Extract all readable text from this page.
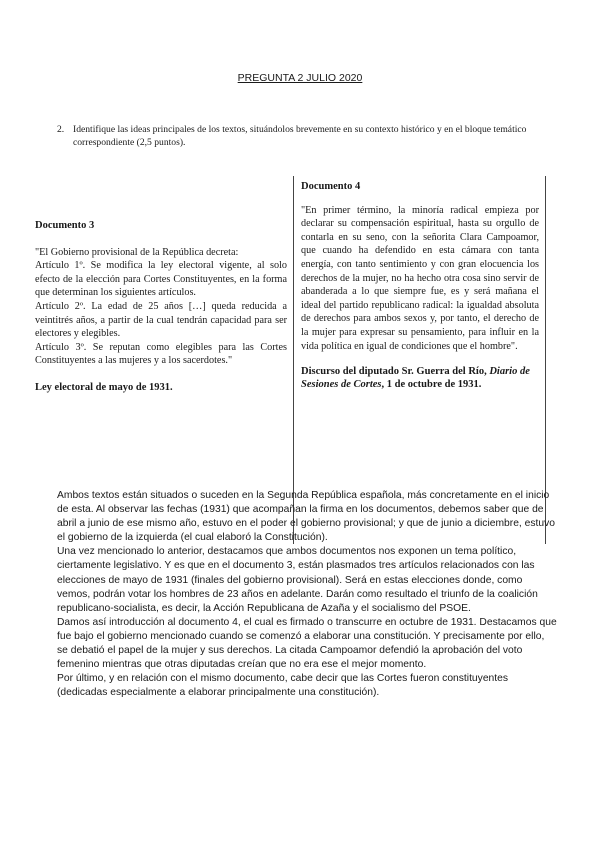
PREGUNTA 2 JULIO 2020
2. Identifique las ideas principales de los textos, situándolos brevemente en su contexto histórico y en el bloque temático correspondiente (2,5 puntos).
Documento 3

"El Gobierno provisional de la República decreta:

Artículo 1º. Se modifica la ley electoral vigente, al solo efecto de la elección para Cortes Constituyentes, en la forma que determinan los siguientes artículos.

Artículo 2º. La edad de 25 años […] queda reducida a veintitrés años, a partir de la cual tendrán capacidad para ser electores y elegibles.

Artículo 3º. Se reputan como elegibles para las Cortes Constituyentes a las mujeres y a los sacerdotes."

Ley electoral de mayo de 1931.
Documento 4

"En primer término, la minoría radical empieza por declarar su compensación espiritual, hasta su orgullo de contarla en su seno, con la señorita Clara Campoamor, que cuando ha defendido en esta cámara con tanta energía, con tanto sentimiento y con gran elocuencia los derechos de la mujer, no ha hecho otra cosa sino servir de abanderada a lo que siempre fue, es y será mañana el ideal del partido republicano radical: la igualdad absoluta de derechos para ambos sexos y, por tanto, el derecho de la mujer para expresar su pensamiento, para influir en la vida política en igual de condiciones que el hombre".

Discurso del diputado Sr. Guerra del Río, Diario de Sesiones de Cortes, 1 de octubre de 1931.

Ambos textos están situados o suceden en la Segunda República española, más concretamente en el inicio de esta. Al observar las fechas (1931) que acompañan la firma en los documentos, debemos saber que de abril a junio de ese mismo año, estuvo en el poder el gobierno provisional; y que de junio a diciembre, estuvo el gobierno de la izquierda (el cual elaboró la Constitución).

Una vez mencionado lo anterior, destacamos que ambos documentos nos exponen un tema político, ciertamente legislativo. Y es que en el documento 3, están plasmados tres artículos relacionados con las elecciones de mayo de 1931 (finales del gobierno provisional). Será en estas elecciones donde, como vemos, podrán votar los hombres de 23 años en adelante. Darán como resultado el triunfo de la coalición republicano-socialista, es decir, la Acción Republicana de Azaña y el socialismo del PSOE.

Damos así introducción al documento 4, el cual es firmado o transcurre en octubre de 1931. Destacamos que fue bajo el gobierno mencionado cuando se comenzó a elaborar una constitución. Y precisamente por ello, se debatió el papel de la mujer y sus derechos. La citada Campoamor defendió la aprobación del voto femenino mientras que otras diputadas creían que no era ese el mejor momento.

Por último, y en relación con el mismo documento, cabe decir que las Cortes fueron constituyentes (dedicadas especialmente a elaborar principalmente una constitución).
